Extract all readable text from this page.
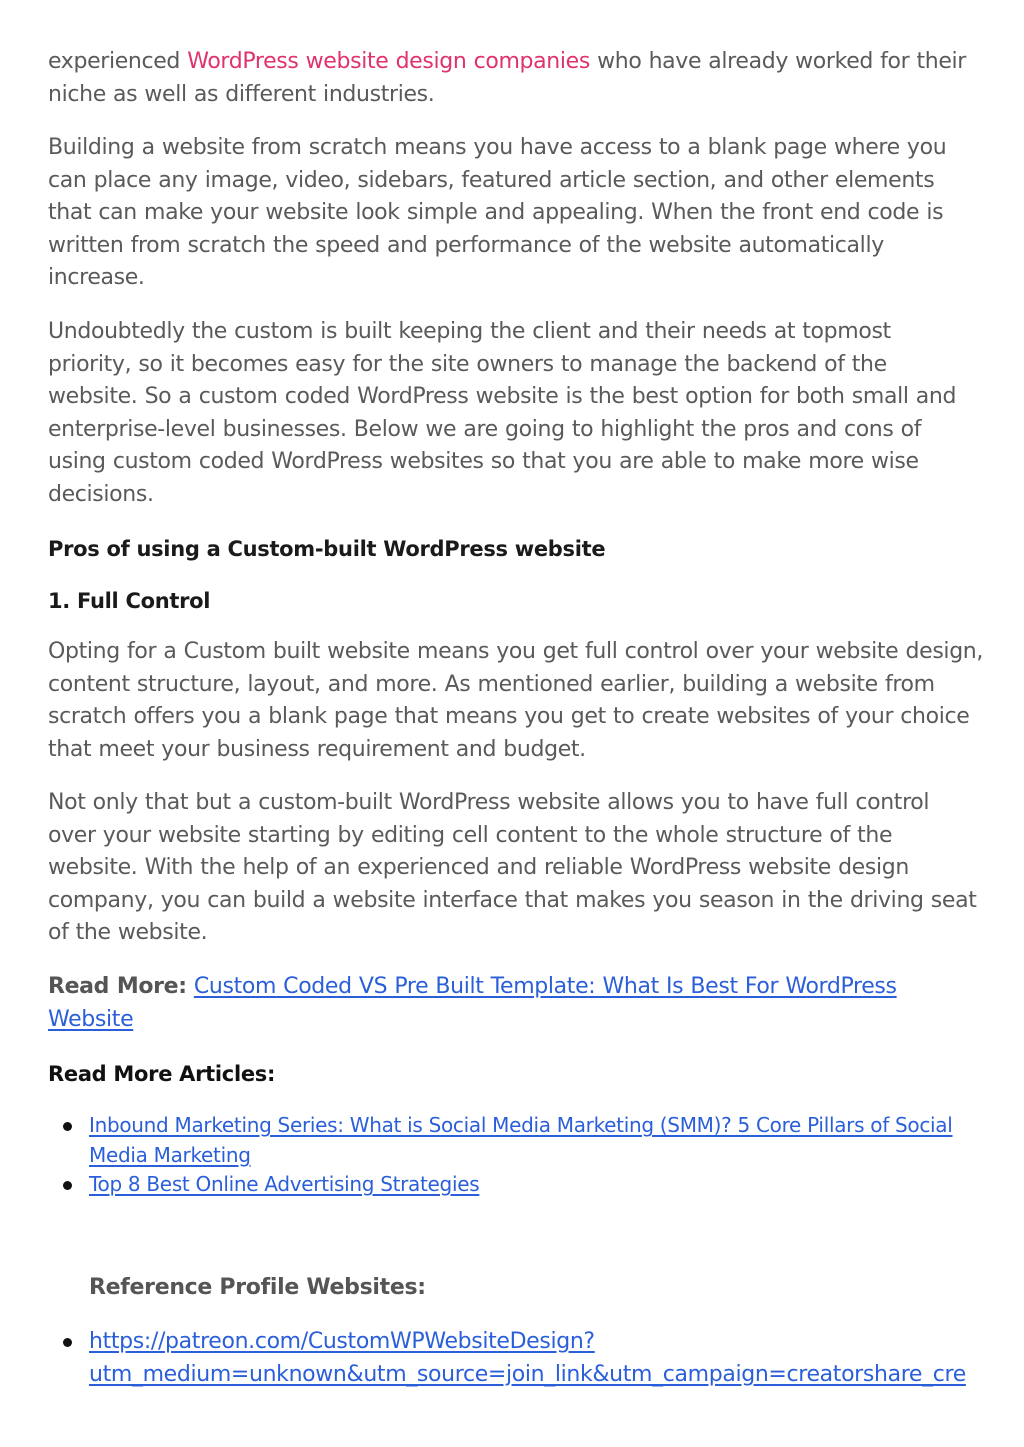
experienced WordPress website design companies who have already worked for their niche as well as different industries.

Building a website from scratch means you have access to a blank page where you can place any image, video, sidebars, featured article section, and other elements that can make your website look simple and appealing. When the front end code is written from scratch the speed and performance of the website automatically increase.

Undoubtedly the custom is built keeping the client and their needs at topmost priority, so it becomes easy for the site owners to manage the backend of the website. So a custom coded WordPress website is the best option for both small and enterprise-level businesses. Below we are going to highlight the pros and cons of using custom coded WordPress websites so that you are able to make more wise decisions.

Pros of using a Custom-built WordPress website
1. Full Control

Opting for a Custom built website means you get full control over your website design, content structure, layout, and more. As mentioned earlier, building a website from scratch offers you a blank page that means you get to create websites of your choice that meet your business requirement and budget.

Not only that but a custom-built WordPress website allows you to have full control over your website starting by editing cell content to the whole structure of the website. With the help of an experienced and reliable WordPress website design company, you can build a website interface that makes you season in the driving seat of the website.

Read More: Custom Coded VS Pre Built Template: What Is Best For WordPress
Website

Read More Articles:
Inbound Marketing Series: What is Social Media Marketing (SMM)? 5 Core Pillars of Social
Media Marketing
Top 8 Best Online Advertising Strategies
Reference Profile Websites:
https://patreon.com/CustomWPWebsiteDesign?
utm_medium=unknown&utm_source=join_link&utm_campaign=creatorshare_cre
